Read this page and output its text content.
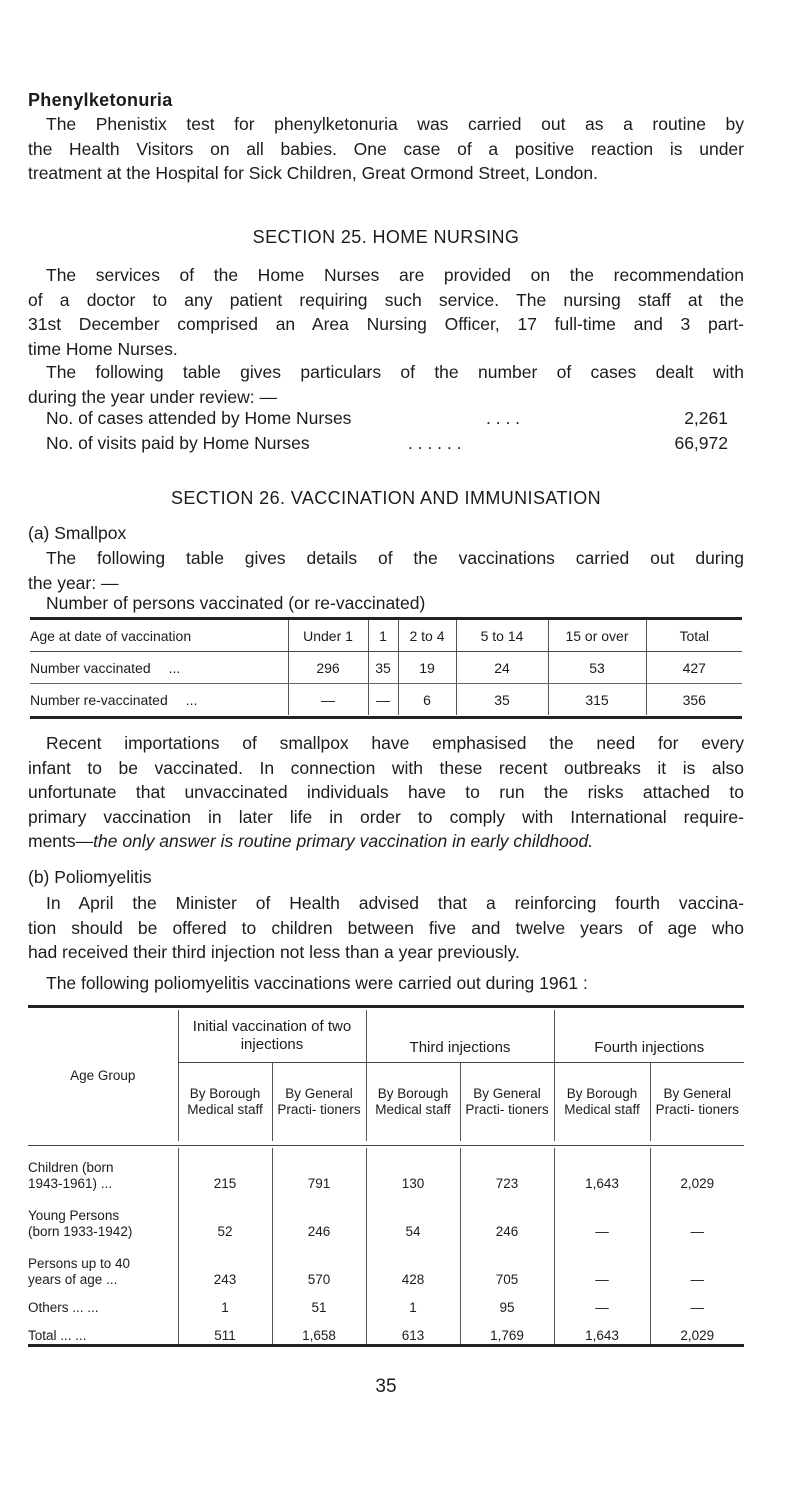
Phenylketonuria
The Phenistix test for phenylketonuria was carried out as a routine by
the Health Visitors on all babies. One case of a positive reaction is under
treatment at the Hospital for Sick Children, Great Ormond Street, London.
SECTION 25. HOME NURSING
The services of the Home Nurses are provided on the recommendation
of a doctor to any patient requiring such service. The nursing staff at the
31st December comprised an Area Nursing Officer, 17 full-time and 3 part-
time Home Nurses.
The following table gives particulars of the number of cases dealt with
during the year under review: —
No. of cases attended by Home Nurses	. . . .	2,261
No. of visits paid by Home Nurses	. . . . . .	66,972
SECTION 26. VACCINATION AND IMMUNISATION
(a) Smallpox
The following table gives details of the vaccinations carried out during
the year: —
Number of persons vaccinated (or re-vaccinated)
Age at date of vaccination	Under 1	1	2 to 4	5 to 14	15 or over	Total
Number vaccinated ...	296	35	19	24	53	427
Number re-vaccinated ...	—	—	6	35	315	356
Recent importations of smallpox have emphasised the need for every
infant to be vaccinated. In connection with these recent outbreaks it is also
unfortunate that unvaccinated individuals have to run the risks attached to
primary vaccination in later life in order to comply with International require-
ments—the only answer is routine primary vaccination in early childhood.
(b) Poliomyelitis
In April the Minister of Health advised that a reinforcing fourth vaccina-
tion should be offered to children between five and twelve years of age who
had received their third injection not less than a year previously.
The following poliomyelitis vaccinations were carried out during 1961 :
Age Group	Initial vaccination of two injections		Third injections		Fourth injections	
	By Borough Medical staff	By General Practi- tioners	By Borough Medical staff	By General Practi- tioners	By Borough Medical staff	By General Practi- tioners
Children (born
1943-1961) ...	215	791	130	723	1,643	2,029
Young Persons
(born 1933-1942)	52	246	54	246	—	—
Persons up to 40
years of age ...	243	570	428	705	—	—
Others ... ...	1	51	1	95	—	—
Total ... ...	511	1,658	613	1,769	1,643	2,029
35
